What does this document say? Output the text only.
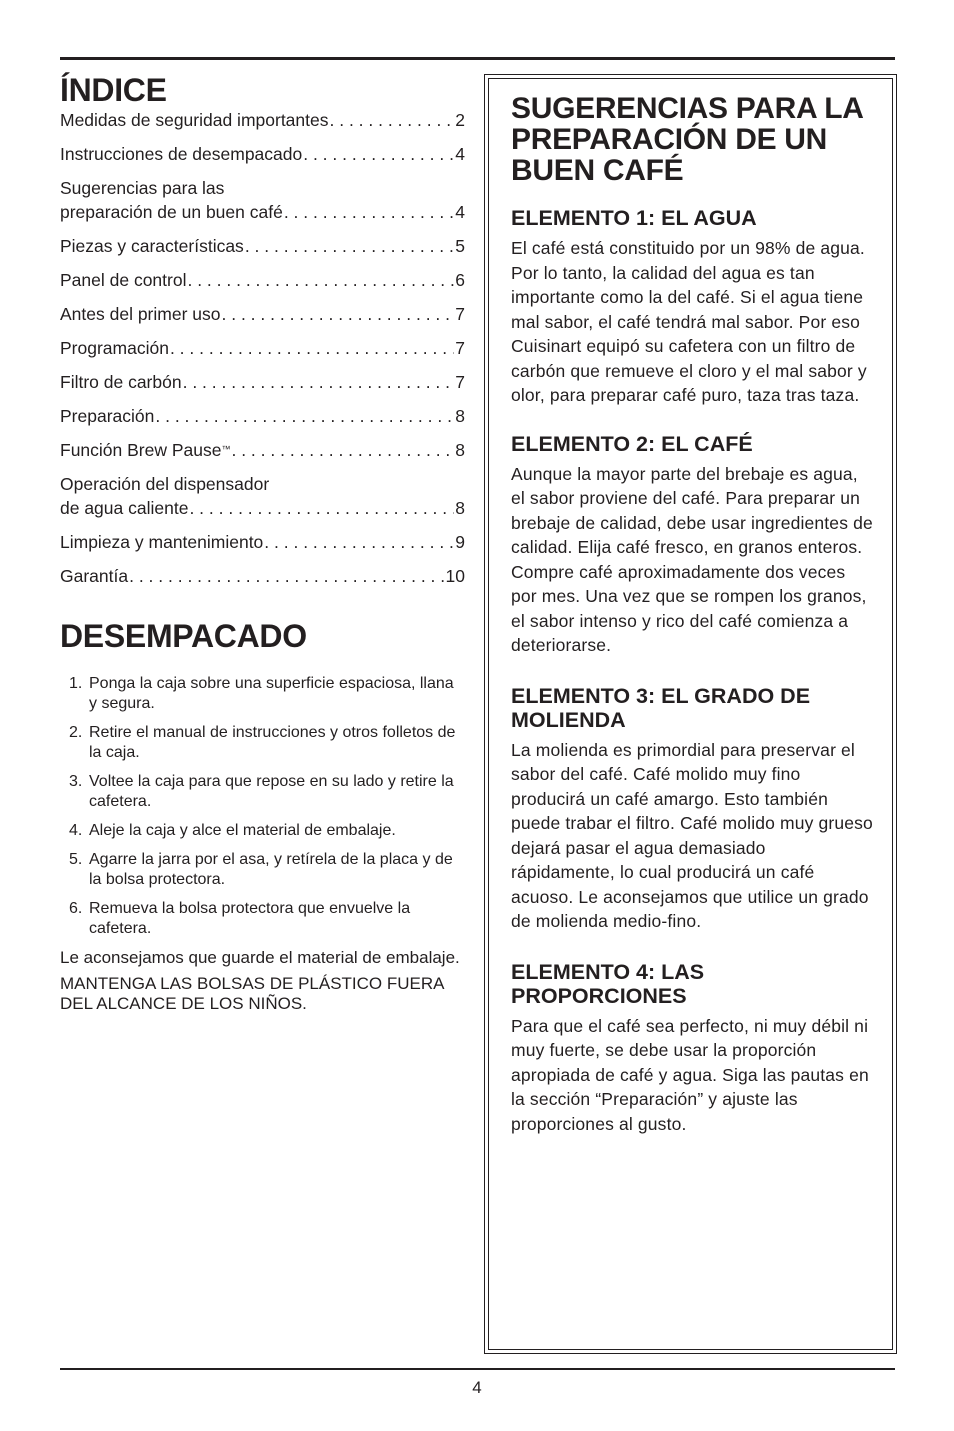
ÍNDICE
Medidas de seguridad importantes . . .	2
Instrucciones de desempacado . . .	4
Sugerencias para las
preparación de un buen café . . .	4
Piezas y características . . .	5
Panel de control . . .	6
Antes del primer uso . . .	7
Programación . . .	7
Filtro de carbón . . .	7
Preparación . . .	8
Función Brew Pause™ . . .	8
Operación del dispensador
de agua caliente . . .	8
Limpieza y mantenimiento . . .	9
Garantía . . .	10
DESEMPACADO
1. Ponga la caja sobre una superficie espaciosa, llana y segura.
2. Retire el manual de instrucciones y otros folletos de la caja.
3. Voltee la caja para que repose en su lado y retire la cafetera.
4. Aleje la caja y alce el material de embalaje.
5. Agarre la jarra por el asa, y retírela de la placa y de la bolsa protectora.
6. Remueva la bolsa protectora que envuelve la cafetera.

Le aconsejamos que guarde el material de embalaje.

MANTENGA LAS BOLSAS DE PLÁSTICO FUERA DEL ALCANCE DE LOS NIÑOS.

SUGERENCIAS PARA LA PREPARACIÓN DE UN BUEN CAFÉ
ELEMENTO 1: EL AGUA

El café está constituido por un 98% de agua. Por lo tanto, la calidad del agua es tan importante como la del café. Si el agua tiene mal sabor, el café tendrá mal sabor. Por eso Cuisinart equipó su cafetera con un filtro de carbón que remueve el cloro y el mal sabor y olor, para preparar café puro, taza tras taza.

ELEMENTO 2: EL CAFÉ

Aunque la mayor parte del brebaje es agua, el sabor proviene del café. Para preparar un brebaje de calidad, debe usar ingredientes de calidad. Elija café fresco, en granos enteros. Compre café aproximadamente dos veces por mes. Una vez que se rompen los granos, el sabor intenso y rico del café comienza a deteriorarse.

ELEMENTO 3: EL GRADO DE MOLIENDA

La molienda es primordial para preservar el sabor del café. Café molido muy fino producirá un café amargo. Esto también puede trabar el filtro. Café molido muy grueso dejará pasar el agua demasiado rápidamente, lo cual producirá un café acuoso. Le aconsejamos que utilice un grado de molienda medio-fino.

ELEMENTO 4: LAS PROPORCIONES

Para que el café sea perfecto, ni muy débil ni muy fuerte, se debe usar la proporción apropiada de café y agua. Siga las pautas en la sección “Preparación” y ajuste las proporciones al gusto.

4
